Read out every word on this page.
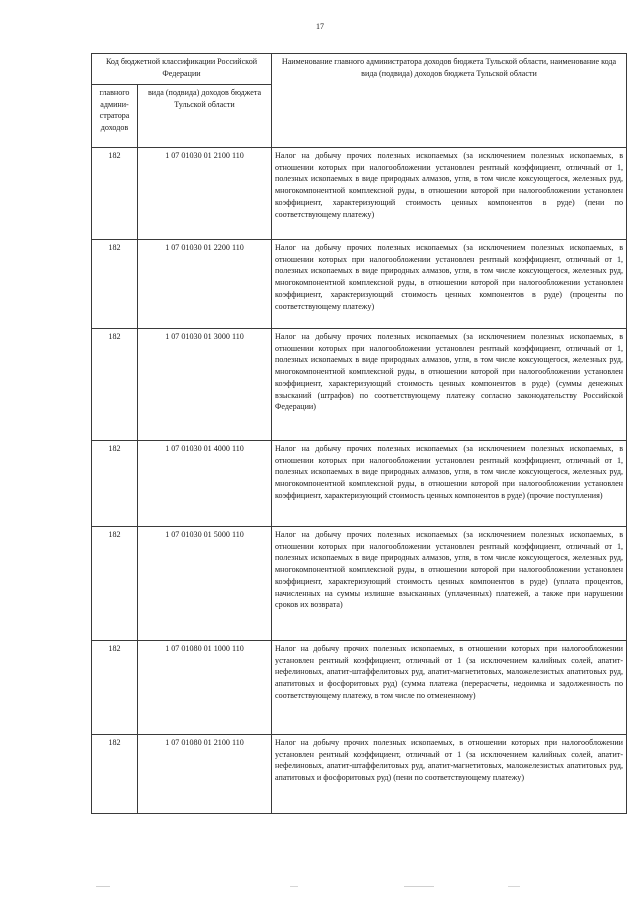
17
Код бюджетной классификации Российской Федерации		Наименование главного администратора доходов бюджета Тульской области, наименование кода вида (подвида) доходов бюджета Тульской области
главного админи-стратора доходов	вида (подвида) доходов бюджета Тульской области	
182	1 07 01030 01 2100 110	Налог на добычу прочих полезных ископаемых (за исключением полезных ископаемых, в отношении которых при налогообложении установлен рентный коэффициент, отличный от 1, полезных ископаемых в виде природных алмазов, угля, в том числе коксующегося, железных руд, многокомпонентной комплексной руды, в отношении которой при налогообложении установлен коэффициент, характеризующий стоимость ценных компонентов в руде) (пени по соответствующему платежу)
182	1 07 01030 01 2200 110	Налог на добычу прочих полезных ископаемых (за исключением полезных ископаемых, в отношении которых при налогообложении установлен рентный коэффициент, отличный от 1, полезных ископаемых в виде природных алмазов, угля, в том числе коксующегося, железных руд, многокомпонентной комплексной руды, в отношении которой при налогообложении установлен коэффициент, характеризующий стоимость ценных компонентов в руде) (проценты по соответствующему платежу)
182	1 07 01030 01 3000 110	Налог на добычу прочих полезных ископаемых (за исключением полезных ископаемых, в отношении которых при налогообложении установлен рентный коэффициент, отличный от 1, полезных ископаемых в виде природных алмазов, угля, в том числе коксующегося, железных руд, многокомпонентной комплексной руды, в отношении которой при налогообложении установлен коэффициент, характеризующий стоимость ценных компонентов в руде) (суммы денежных взысканий (штрафов) по соответствующему платежу согласно законодательству Российской Федерации)
182	1 07 01030 01 4000 110	Налог на добычу прочих полезных ископаемых (за исключением полезных ископаемых, в отношении которых при налогообложении установлен рентный коэффициент, отличный от 1, полезных ископаемых в виде природных алмазов, угля, в том числе коксующегося, железных руд, многокомпонентной комплексной руды, в отношении которой при налогообложении установлен коэффициент, характеризующий стоимость ценных компонентов в руде) (прочие поступления)
182	1 07 01030 01 5000 110	Налог на добычу прочих полезных ископаемых (за исключением полезных ископаемых, в отношении которых при налогообложении установлен рентный коэффициент, отличный от 1, полезных ископаемых в виде природных алмазов, угля, в том числе коксующегося, железных руд, многокомпонентной комплексной руды, в отношении которой при налогообложении установлен коэффициент, характеризующий стоимость ценных компонентов в руде) (уплата процентов, начисленных на суммы излишне взысканных (уплаченных) платежей, а также при нарушении сроков их возврата)
182	1 07 01080 01 1000 110	Налог на добычу прочих полезных ископаемых, в отношении которых при налогообложении установлен рентный коэффициент, отличный от 1 (за исключением калийных солей, апатит-нефелиновых, апатит-штаффелитовых руд, апатит-магнетитовых, маложелезистых апатитовых руд, апатитовых и фосфоритовых руд) (сумма платежа (перерасчеты, недоимка и задолженность по соответствующему платежу, в том числе по отмененному)
182	1 07 01080 01 2100 110	Налог на добычу прочих полезных ископаемых, в отношении которых при налогообложении установлен рентный коэффициент, отличный от 1 (за исключением калийных солей, апатит-нефелиновых, апатит-штаффелитовых руд, апатит-магнетитовых, маложелезистых апатитовых руд, апатитовых и фосфоритовых руд) (пени по соответствующему платежу)
